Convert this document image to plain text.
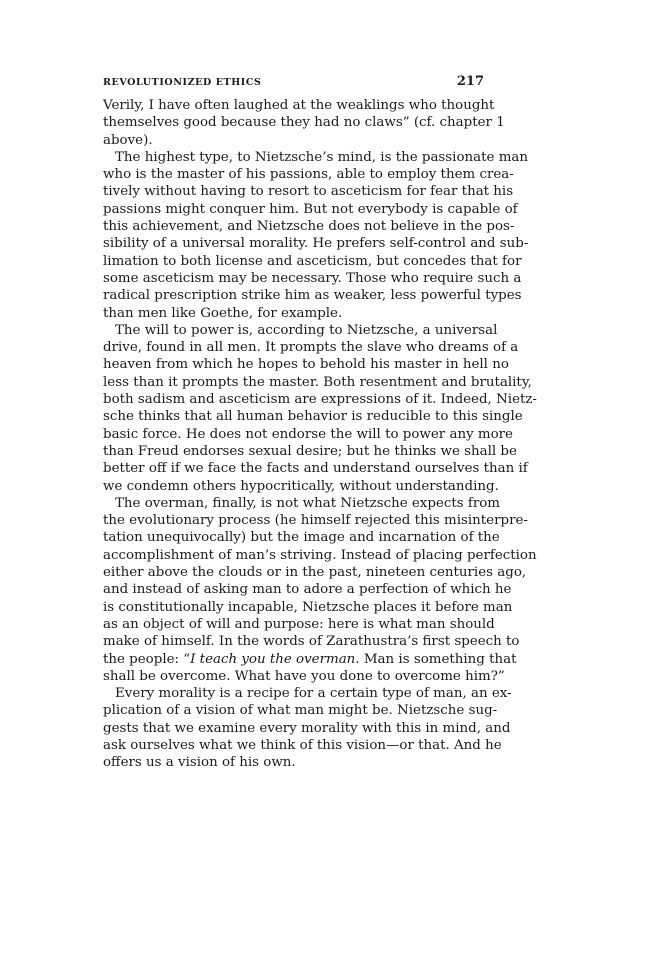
REVOLUTIONIZED ETHICS	217
Verily, I have often laughed at the weaklings who thought
themselves good because they had no claws” (cf. chapter 1
above).
The highest type, to Nietzsche’s mind, is the passionate man
who is the master of his passions, able to employ them crea-
tively without having to resort to asceticism for fear that his
passions might conquer him. But not everybody is capable of
this achievement, and Nietzsche does not believe in the pos-
sibility of a universal morality. He prefers self-control and sub-
limation to both license and asceticism, but concedes that for
some asceticism may be necessary. Those who require such a
radical prescription strike him as weaker, less powerful types
than men like Goethe, for example.
The will to power is, according to Nietzsche, a universal
drive, found in all men. It prompts the slave who dreams of a
heaven from which he hopes to behold his master in hell no
less than it prompts the master. Both resentment and brutality,
both sadism and asceticism are expressions of it. Indeed, Nietz-
sche thinks that all human behavior is reducible to this single
basic force. He does not endorse the will to power any more
than Freud endorses sexual desire; but he thinks we shall be
better off if we face the facts and understand ourselves than if
we condemn others hypocritically, without understanding.
The overman, finally, is not what Nietzsche expects from
the evolutionary process (he himself rejected this misinterpre-
tation unequivocally) but the image and incarnation of the
accomplishment of man’s striving. Instead of placing perfection
either above the clouds or in the past, nineteen centuries ago,
and instead of asking man to adore a perfection of which he
is constitutionally incapable, Nietzsche places it before man
as an object of will and purpose: here is what man should
make of himself. In the words of Zarathustra’s first speech to
the people: “I teach you the overman. Man is something that
shall be overcome. What have you done to overcome him?”
Every morality is a recipe for a certain type of man, an ex-
plication of a vision of what man might be. Nietzsche sug-
gests that we examine every morality with this in mind, and
ask ourselves what we think of this vision—or that. And he
offers us a vision of his own.
